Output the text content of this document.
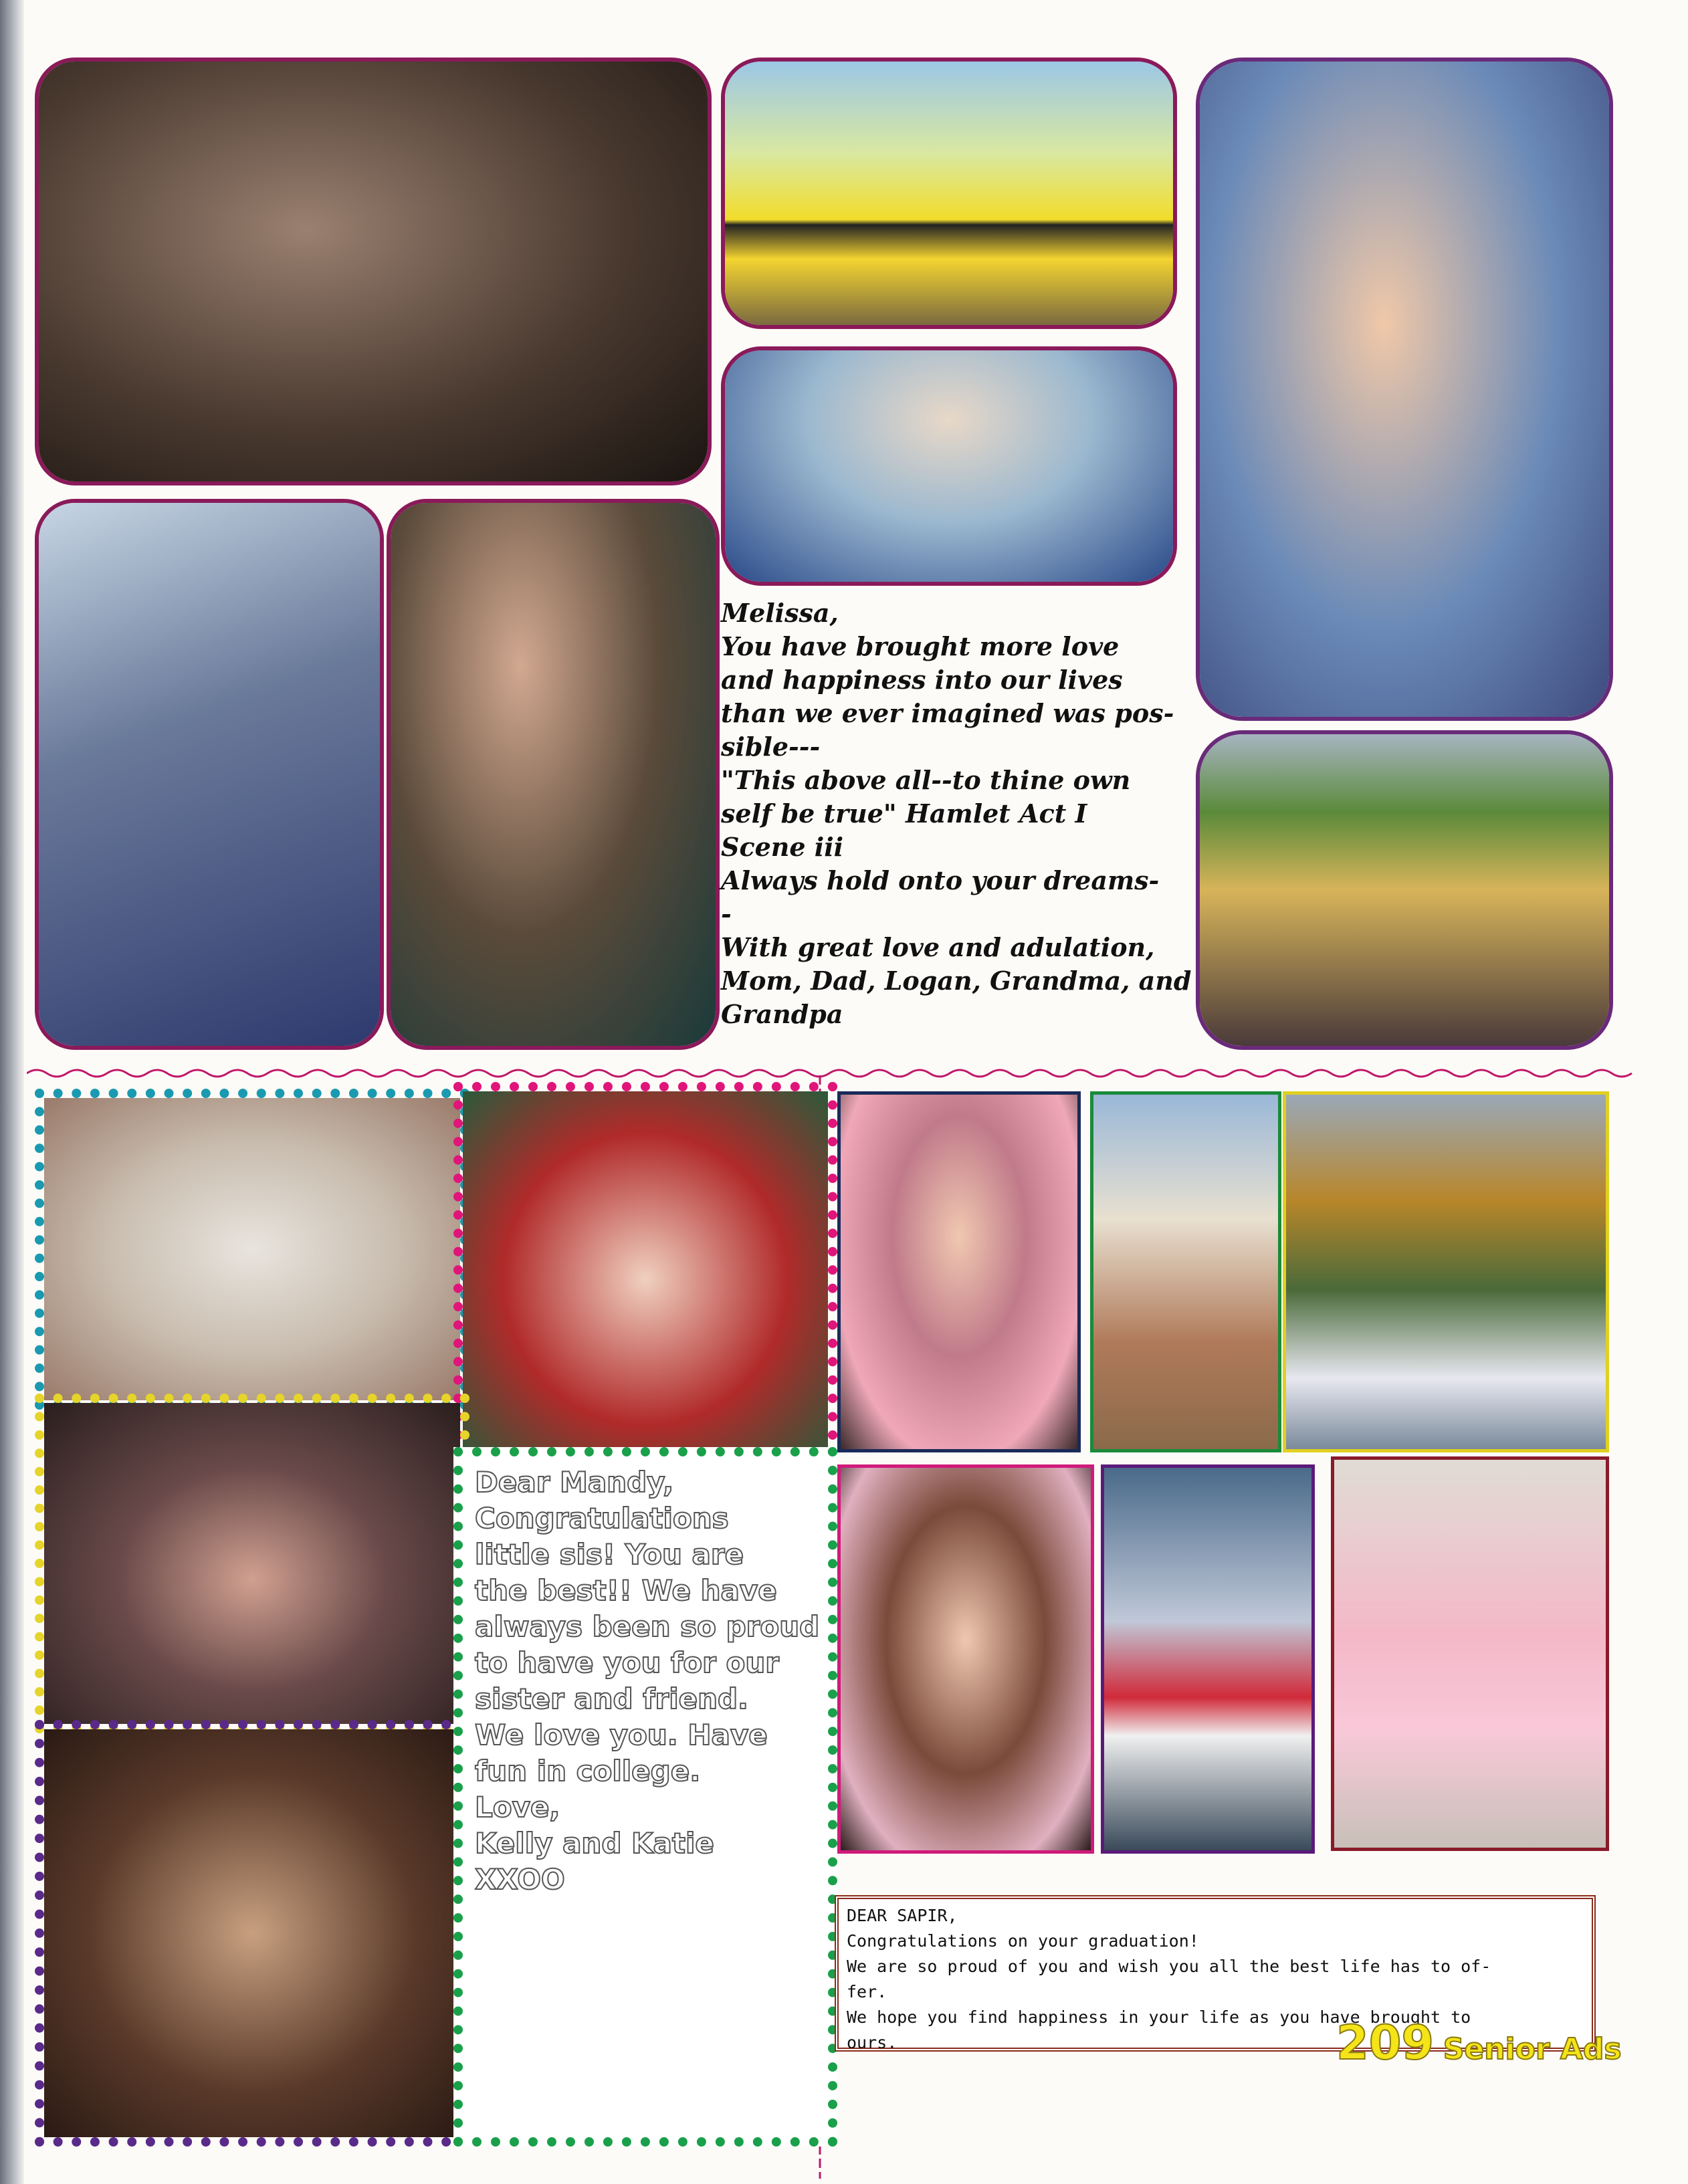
Melissa,
You have brought more love
and happiness into our lives
than we ever imagined was pos-
sible---
"This above all--to thine own
self be true" Hamlet Act I
Scene iii
Always hold onto your dreams-
-
With great love and adulation,
Mom, Dad, Logan, Grandma, and
Grandpa
Dear Mandy,
Congratulations
little sis! You are
the best!! We have
always been so proud
to have you for our
sister and friend.
We love you. Have
fun in college.
Love,
Kelly and Katie
XXOO
DEAR SAPIR,
Congratulations on your graduation!
We are so proud of you and wish you all the best life has to of-
fer.
We hope you find happiness in your life as you have brought to
ours.	209 Senior Ads
